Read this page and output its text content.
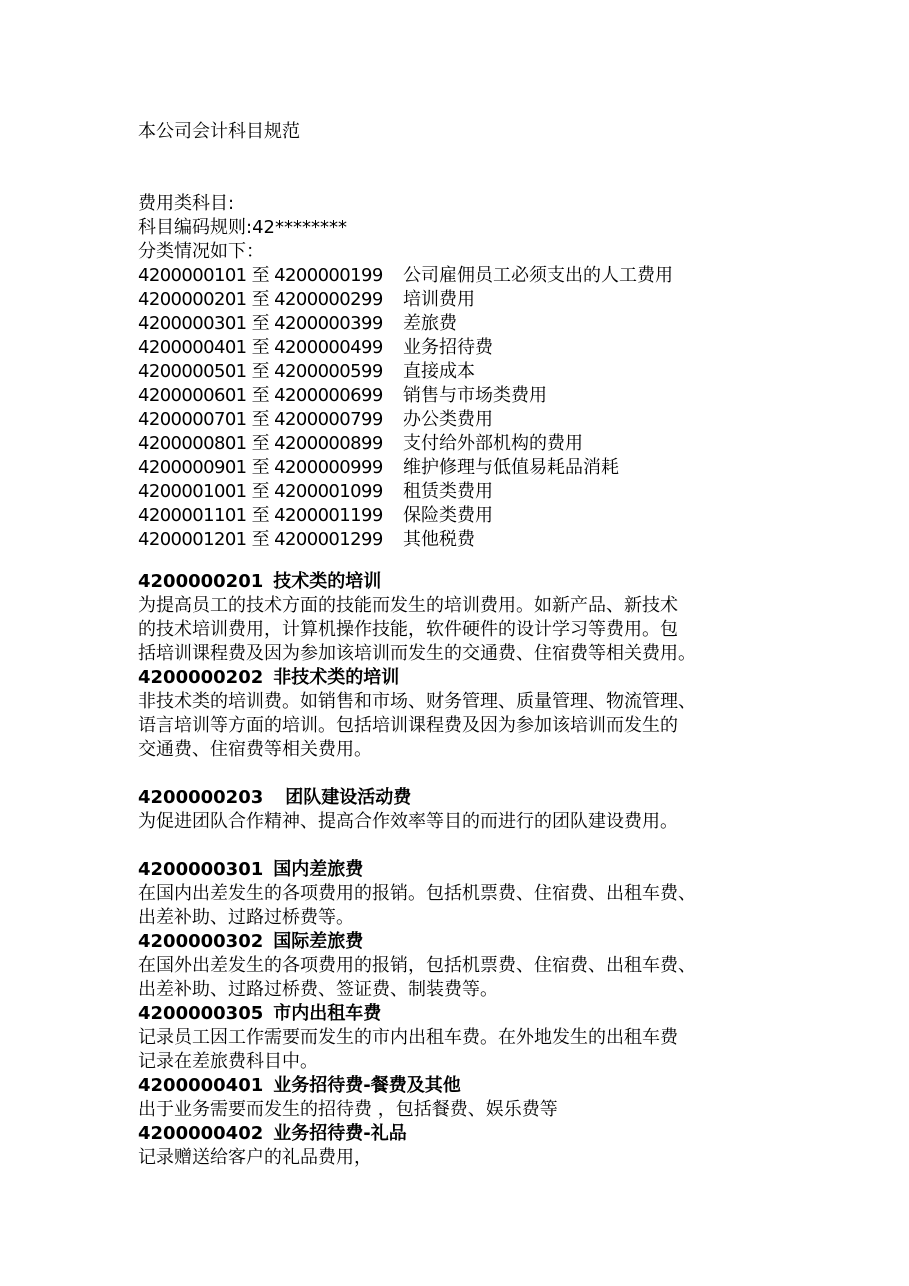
本公司会计科目规范
费用类科目:
科目编码规则:42********
分类情况如下：
4200000101 至 4200000199	公司雇佣员工必须支出的人工费用
4200000201 至 4200000299	培训费用
4200000301 至 4200000399	差旅费
4200000401 至 4200000499	业务招待费
4200000501 至 4200000599	直接成本
4200000601 至 4200000699	销售与市场类费用
4200000701 至 4200000799	办公类费用
4200000801 至 4200000899	支付给外部机构的费用
4200000901 至 4200000999	维护修理与低值易耗品消耗
4200001001 至 4200001099	租赁类费用
4200001101 至 4200001199	保险类费用
4200001201 至 4200001299	其他税费
4200000201 技术类的培训
为提高员工的技术方面的技能而发生的培训费用。如新产品、新技术
的技术培训费用，计算机操作技能，软件硬件的设计学习等费用。包
括培训课程费及因为参加该培训而发生的交通费、住宿费等相关费用。
4200000202 非技术类的培训
非技术类的培训费。如销售和市场、财务管理、质量管理、物流管理、
语言培训等方面的培训。包括培训课程费及因为参加该培训而发生的
交通费、住宿费等相关费用。
4200000203 团队建设活动费
为促进团队合作精神、提高合作效率等目的而进行的团队建设费用。
4200000301 国内差旅费
在国内出差发生的各项费用的报销。包括机票费、住宿费、出租车费、
出差补助、过路过桥费等。
4200000302 国际差旅费
在国外出差发生的各项费用的报销，包括机票费、住宿费、出租车费、
出差补助、过路过桥费、签证费、制装费等。
4200000305 市内出租车费
记录员工因工作需要而发生的市内出租车费。在外地发生的出租车费
记录在差旅费科目中。
4200000401 业务招待费-餐费及其他
出于业务需要而发生的招待费 ，包括餐费、娱乐费等
4200000402 业务招待费-礼品
记录赠送给客户的礼品费用，
